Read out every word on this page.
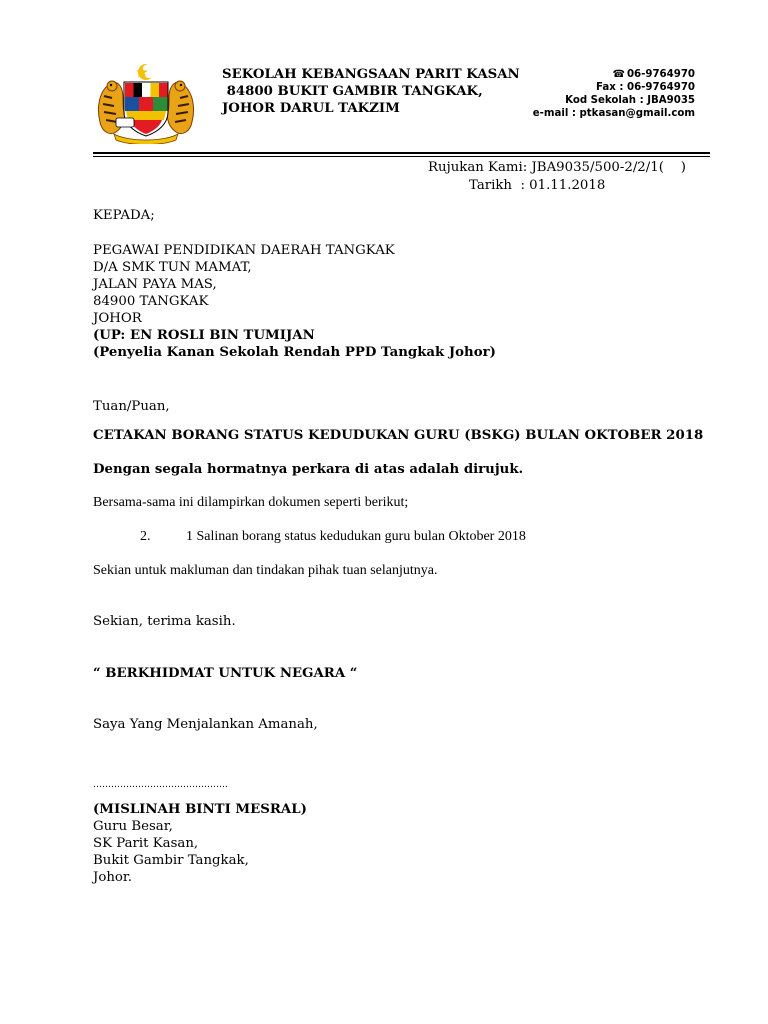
SEKOLAH KEBANGSAAN PARIT KASAN
84800 BUKIT GAMBIR TANGKAK,
JOHOR DARUL TAKZIM
☎ 06-9764970
Fax : 06-9764970
Kod Sekolah : JBA9035
e-mail : ptkasan@gmail.com
Rujukan Kami: JBA9035/500-2/2/1(    )
Tarikh  : 01.11.2018
KEPADA;
PEGAWAI PENDIDIKAN DAERAH TANGKAK
D/A SMK TUN MAMAT,
JALAN PAYA MAS,
84900 TANGKAK
JOHOR
(UP: EN ROSLI BIN TUMIJAN
(Penyelia Kanan Sekolah Rendah PPD Tangkak Johor)
Tuan/Puan,
CETAKAN BORANG STATUS KEDUDUKAN GURU (BSKG) BULAN OKTOBER 2018
Dengan segala hormatnya perkara di atas adalah dirujuk.
Bersama-sama ini dilampirkan dokumen seperti berikut;
2.	1 Salinan borang status kedudukan guru bulan Oktober 2018
Sekian untuk makluman dan tindakan pihak tuan selanjutnya.
Sekian, terima kasih.
“ BERKHIDMAT UNTUK NEGARA “
Saya Yang Menjalankan Amanah,
………………………………………
(MISLINAH BINTI MESRAL)
Guru Besar,
SK Parit Kasan,
Bukit Gambir Tangkak,
Johor.
